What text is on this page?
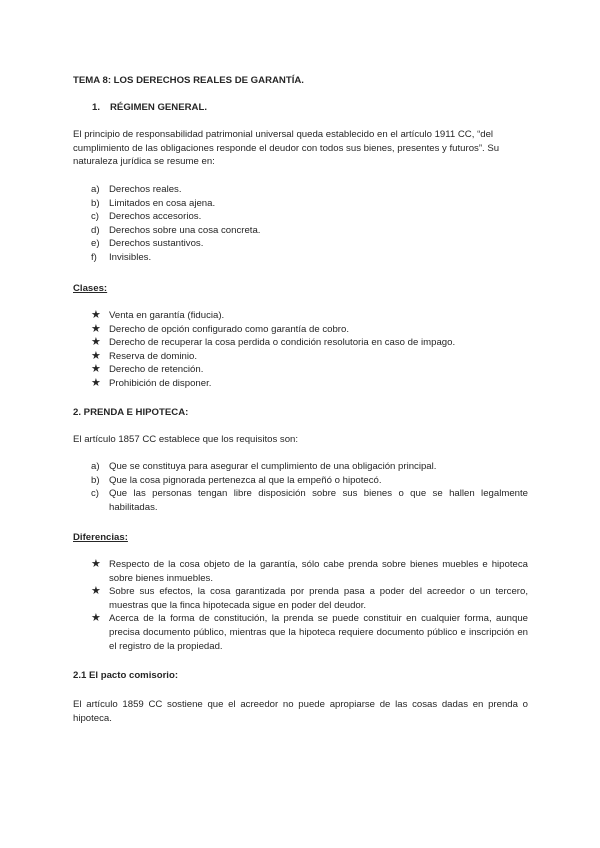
TEMA 8: LOS DERECHOS REALES DE GARANTÍA.
1. RÉGIMEN GENERAL.
El principio de responsabilidad patrimonial universal queda establecido en el artículo 1911 CC, “del cumplimiento de las obligaciones responde el deudor con todos sus bienes, presentes y futuros”. Su naturaleza jurídica se resume en:
a) Derechos reales.
b) Limitados en cosa ajena.
c)	Derechos accesorios.
d) Derechos sobre una cosa concreta.
e) Derechos sustantivos.
f)	Invisibles.
Clases:
★ Venta en garantía (fiducia).
★ Derecho de opción configurado como garantía de cobro.
★ Derecho de recuperar la cosa perdida o condición resolutoria en caso de impago.
★ Reserva de dominio.
★ Derecho de retención.
★ Prohibición de disponer.
2. PRENDA E HIPOTECA:
El artículo 1857 CC establece que los requisitos son:
a) Que se constituya para asegurar el cumplimiento de una obligación principal.
b) Que la cosa pignorada pertenezca al que la empeñó o hipotecó.
c)	Que las personas tengan libre disposición sobre sus bienes o que se hallen legalmente habilitadas.
Diferencias:
★ Respecto de la cosa objeto de la garantía, sólo cabe prenda sobre bienes muebles e hipoteca sobre bienes inmuebles.
★ Sobre sus efectos, la cosa garantizada por prenda pasa a poder del acreedor o un tercero, muestras que la finca hipotecada sigue en poder del deudor.
★ Acerca de la forma de constitución, la prenda se puede constituir en cualquier forma, aunque precisa documento público, mientras que la hipoteca requiere documento público e inscripción en el registro de la propiedad.
2.1 El pacto comisorio:
El artículo 1859 CC sostiene que el acreedor no puede apropiarse de las cosas dadas en prenda o hipoteca.
